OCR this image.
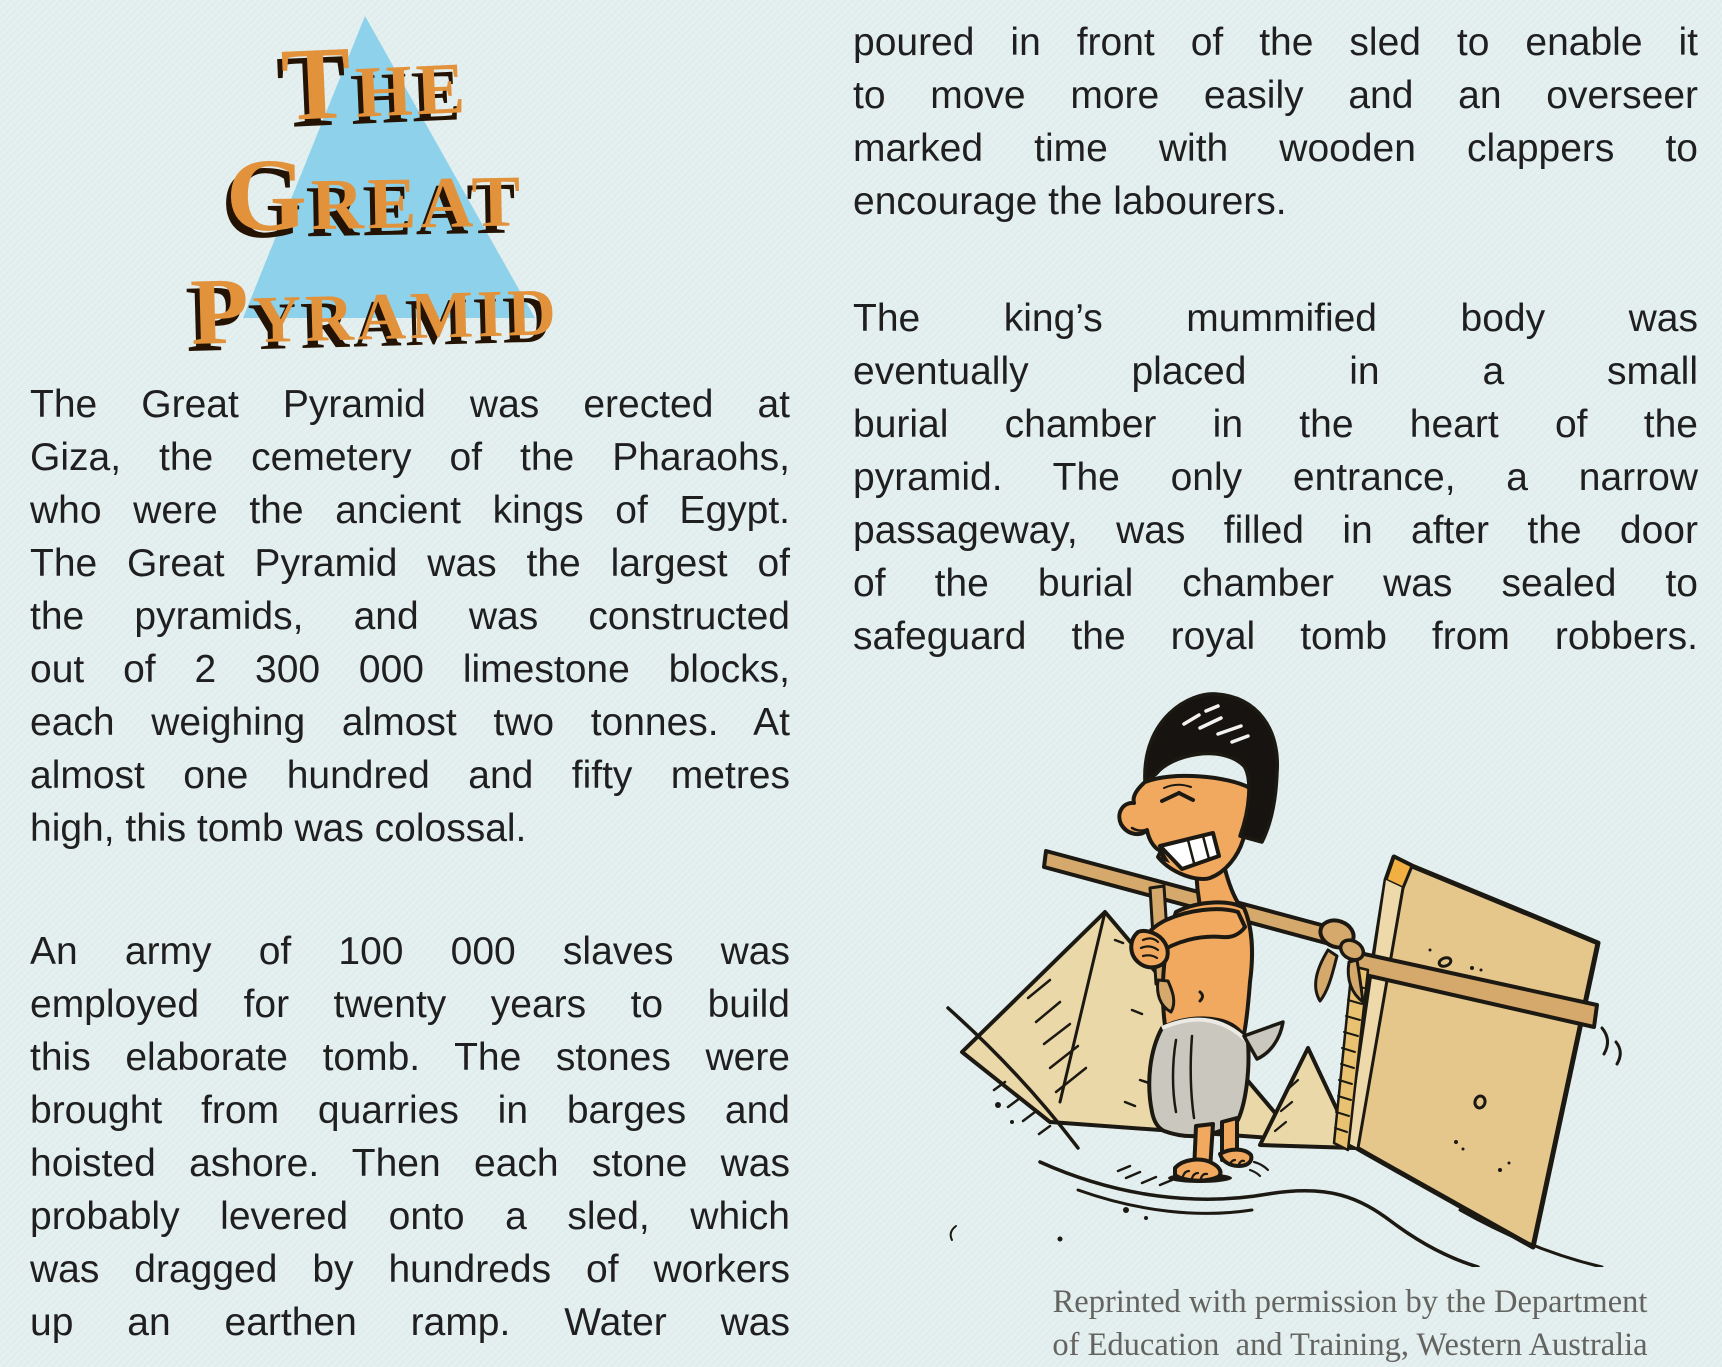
The
Great
Pyramid
The Great Pyramid was erected at
Giza, the cemetery of the Pharaohs,
who were the ancient kings of Egypt.
The Great Pyramid was the largest of
the pyramids, and was constructed
out of 2 300 000 limestone blocks,
each weighing almost two tonnes. At
almost one hundred and fifty metres
high, this tomb was colossal.
An army of 100 000 slaves was
employed for twenty years to build
this elaborate tomb. The stones were
brought from quarries in barges and
hoisted ashore. Then each stone was
probably levered onto a sled, which
was dragged by hundreds of workers
up an earthen ramp. Water was
poured in front of the sled to enable it
to move more easily and an overseer
marked time with wooden clappers to
encourage the labourers.
The king’s mummified body was
eventually placed in a small
burial chamber in the heart of the
pyramid. The only entrance, a narrow
passageway, was filled in after the door
of the burial chamber was sealed to
safeguard the royal tomb from robbers.
Reprinted with permission by the Department
of Education  and Training, Western Australia
